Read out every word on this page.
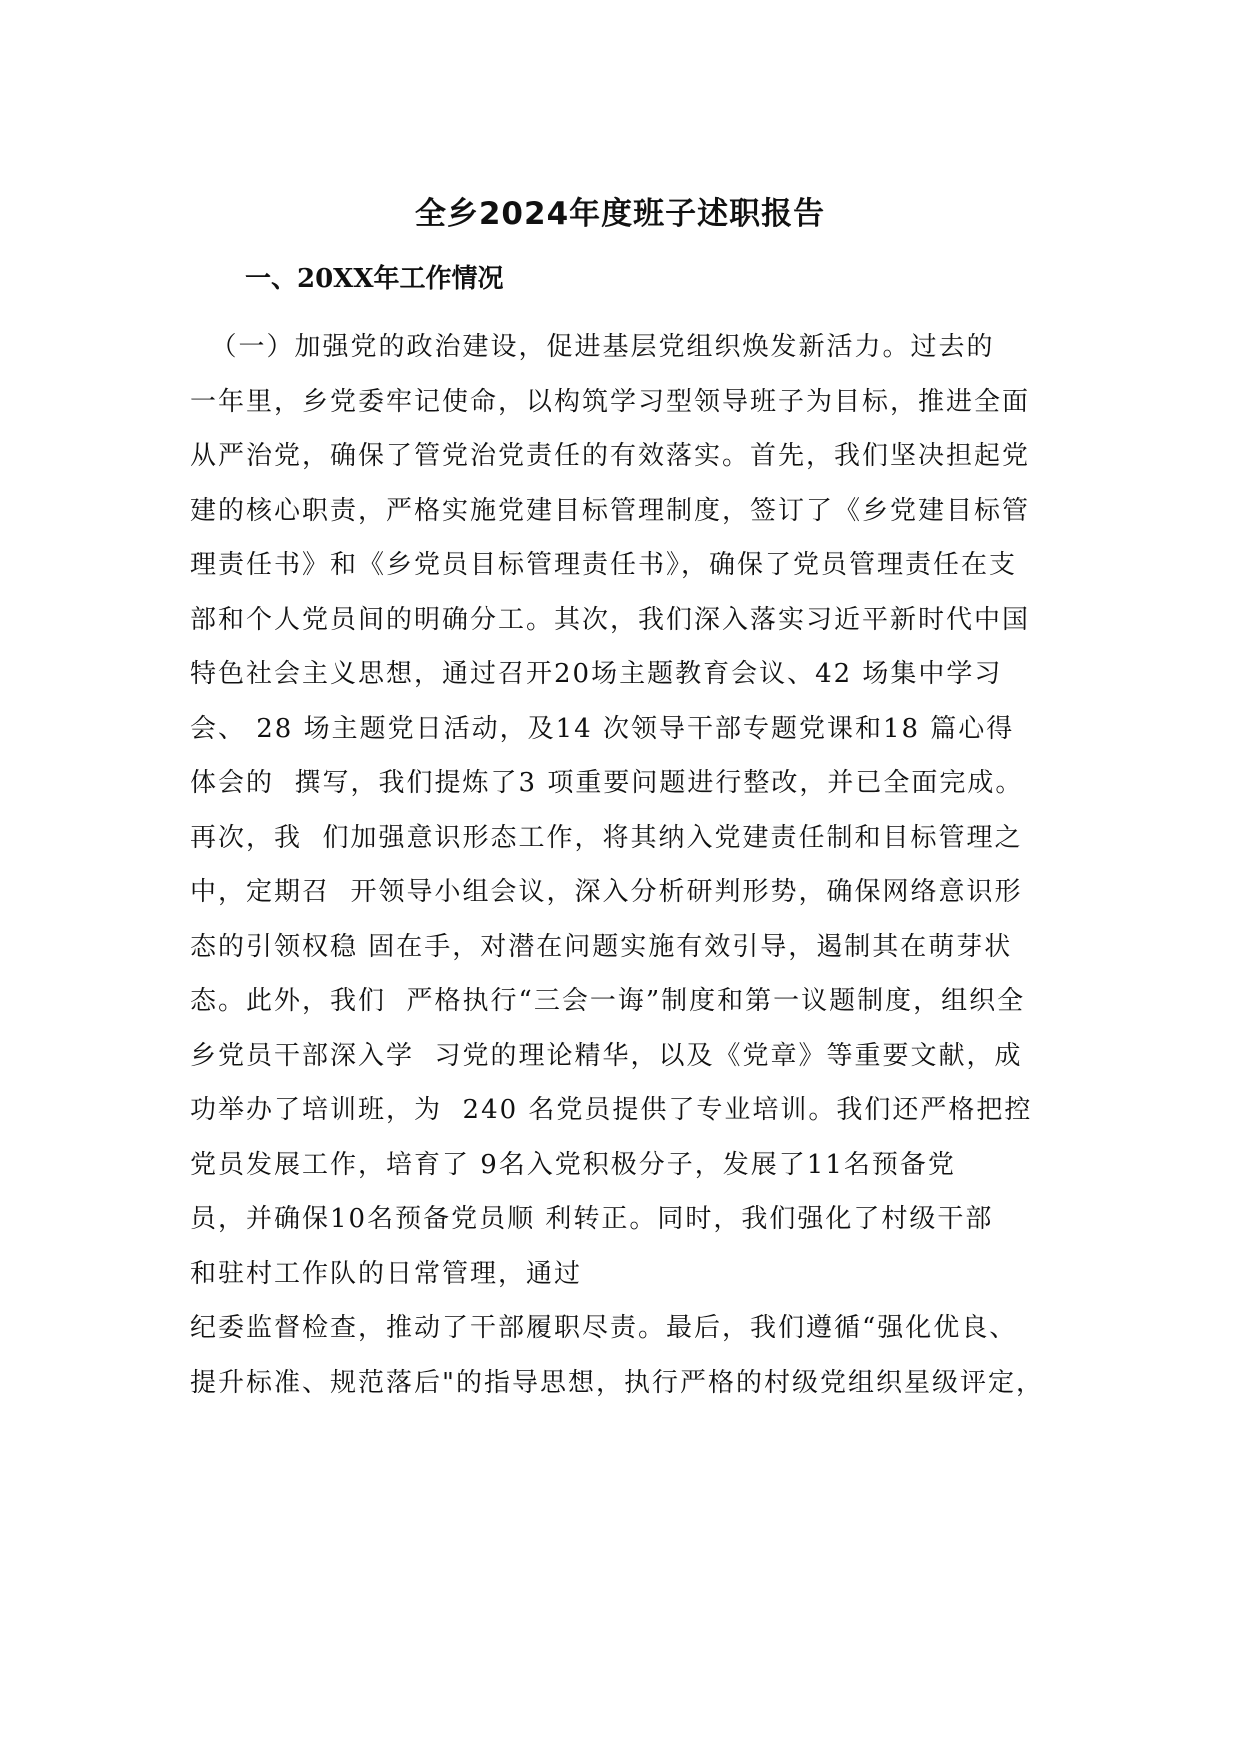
全乡2024年度班子述职报告
一、20XX年工作情况
（一）加强党的政治建设，促进基层党组织焕发新活力。过去的
一年里，乡党委牢记使命，以构筑学习型领导班子为目标，推进全面
从严治党，确保了管党治党责任的有效落实。首先，我们坚决担起党
建的核心职责，严格实施党建目标管理制度，签订了《乡党建目标管
理责任书》和《乡党员目标管理责任书》，确保了党员管理责任在支
部和个人党员间的明确分工。其次，我们深入落实习近平新时代中国
特色社会主义思想，通过召开20场主题教育会议、42 场集中学习
会、 28 场主题党日活动，及14 次领导干部专题党课和18 篇心得
体会的  撰写，我们提炼了3 项重要问题进行整改，并已全面完成。
再次，我  们加强意识形态工作，将其纳入党建责任制和目标管理之
中，定期召  开领导小组会议，深入分析研判形势，确保网络意识形
态的引领权稳 固在手，对潜在问题实施有效引导，遏制其在萌芽状
态。此外，我们  严格执行“三会一诲”制度和第一议题制度，组织全
乡党员干部深入学  习党的理论精华，以及《党章》等重要文献，成
功举办了培训班，为  240 名党员提供了专业培训。我们还严格把控
党员发展工作，培育了 9名入党积极分子，发展了11名预备党
员，并确保10名预备党员顺 利转正。同时，我们强化了村级干部
和驻村工作队的日常管理，通过
纪委监督检查，推动了干部履职尽责。最后，我们遵循“强化优良、
提升标准、规范落后"的指导思想，执行严格的村级党组织星级评定，
